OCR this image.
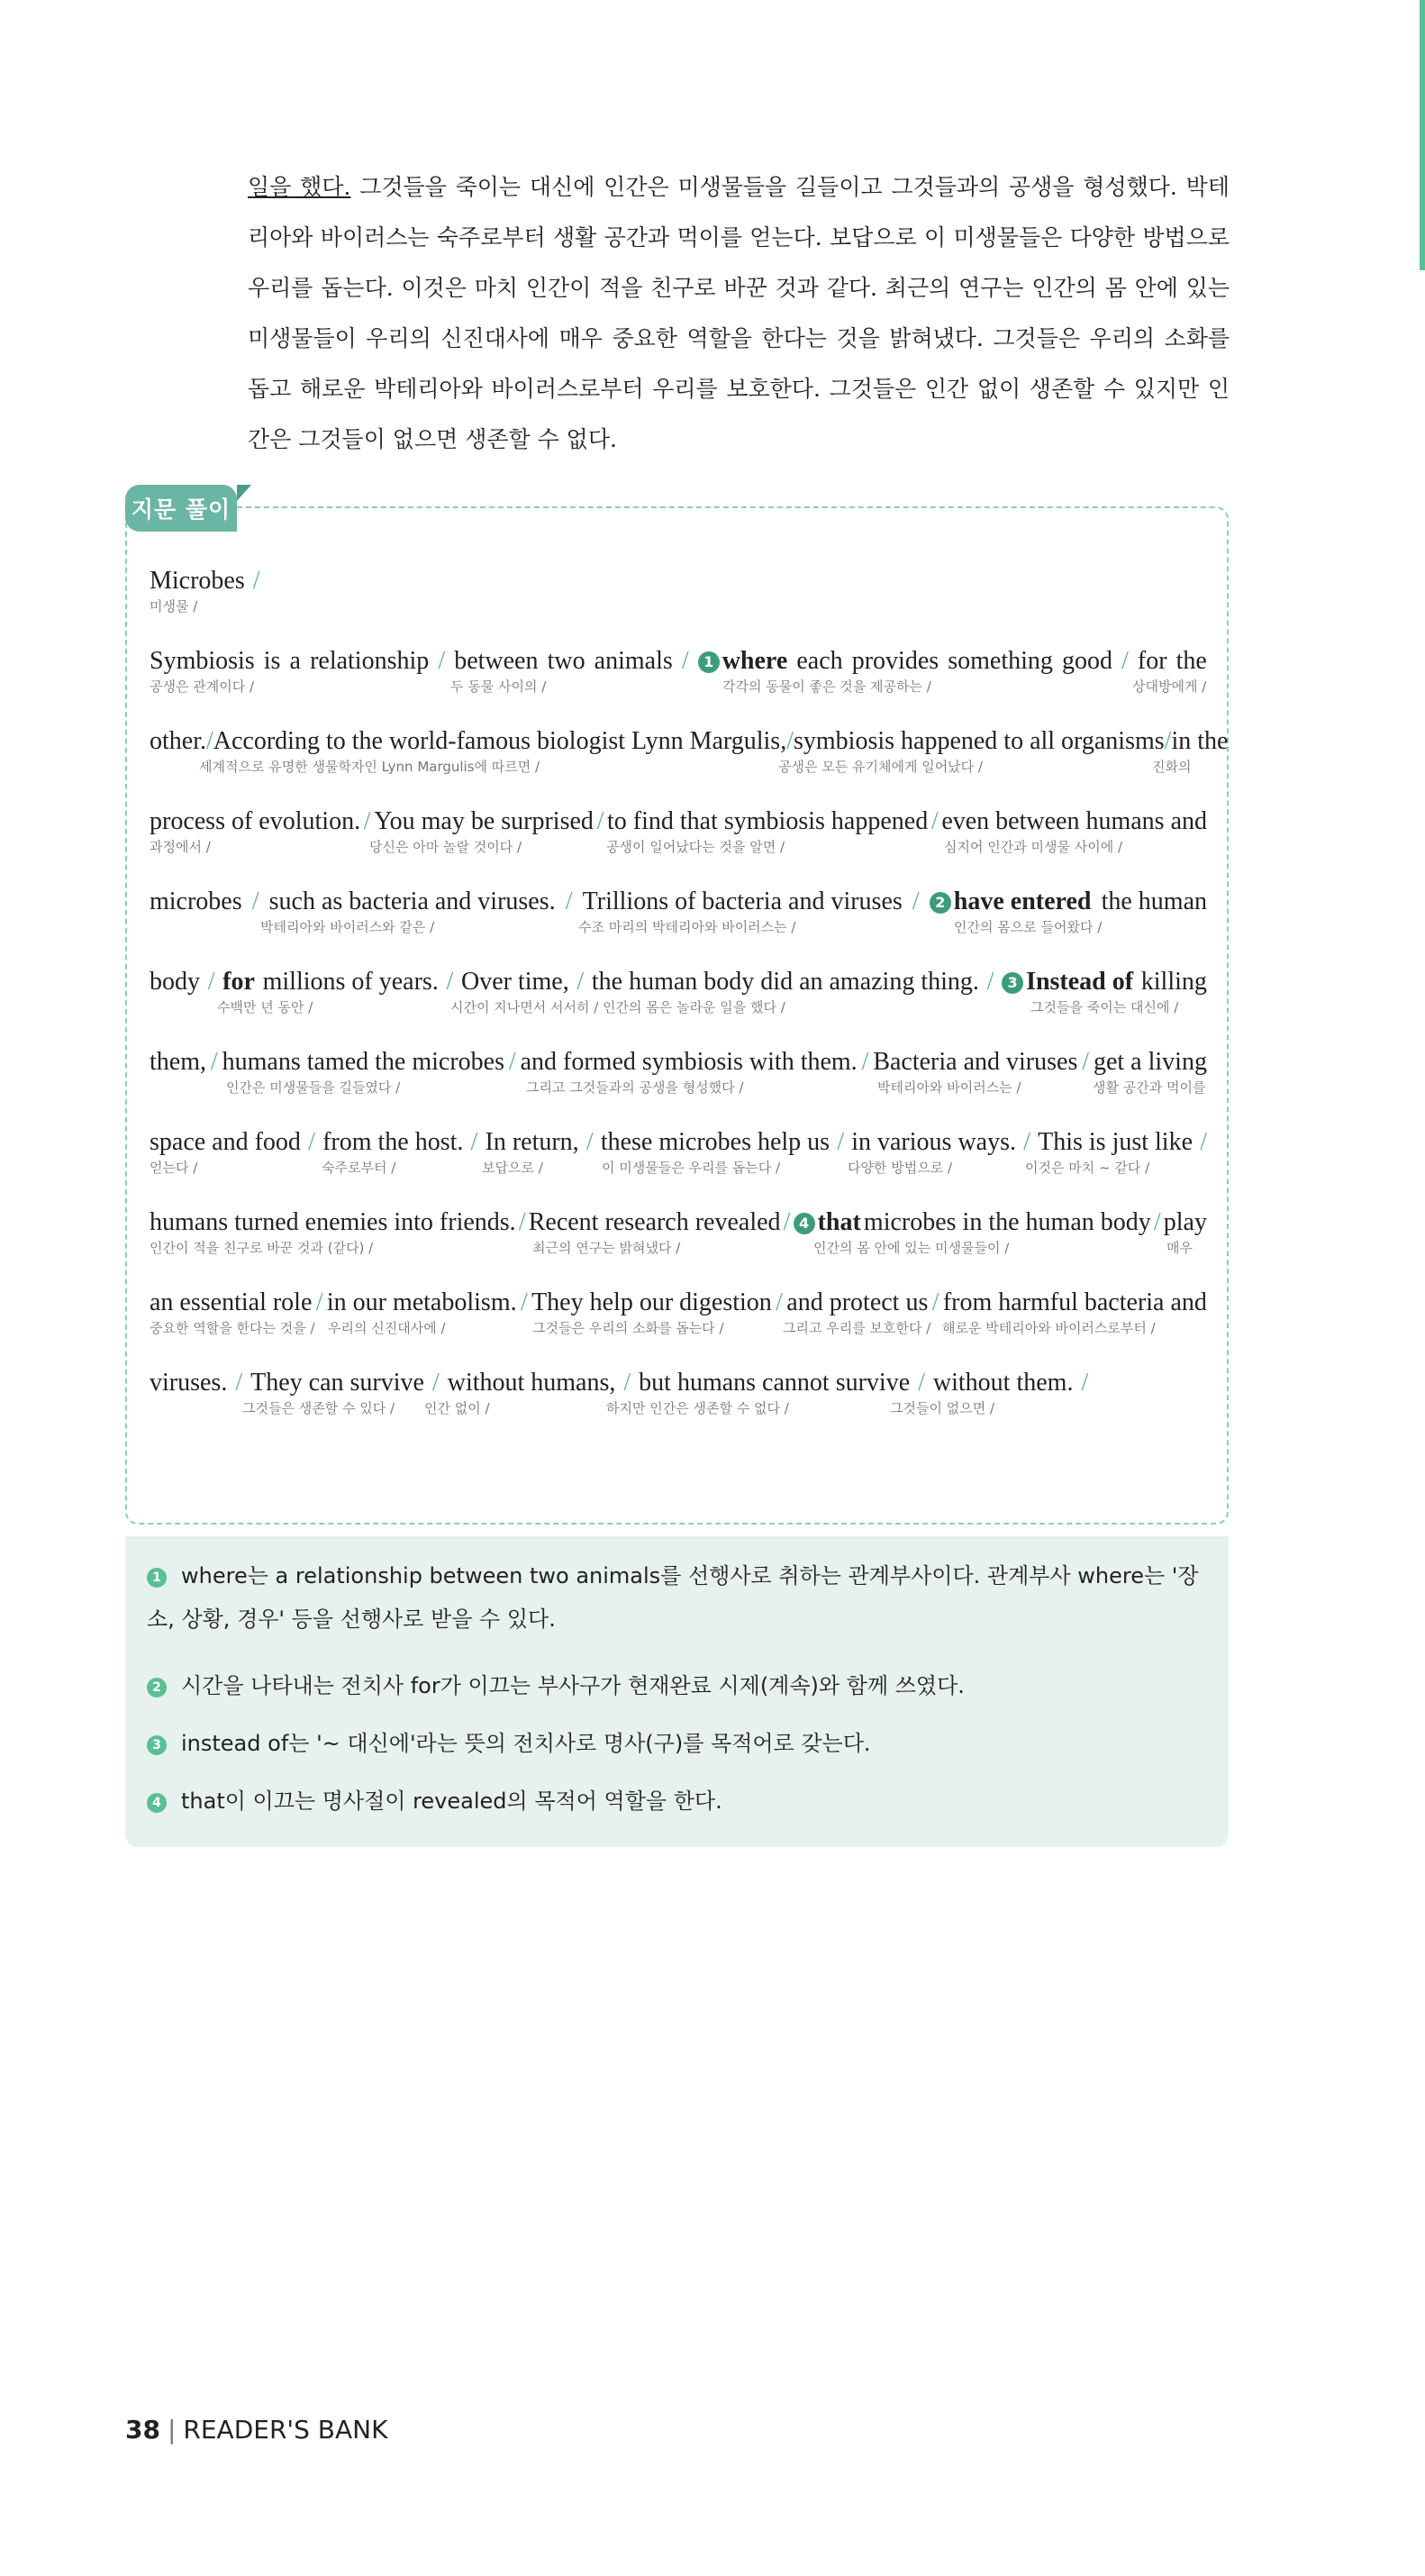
일을 했다. 그것들을 죽이는 대신에 인간은 미생물들을 길들이고 그것들과의 공생을 형성했다. 박테리아와 바이러스는 숙주로부터 생활 공간과 먹이를 얻는다. 보답으로 이 미생물들은 다양한 방법으로 우리를 돕는다. 이것은 마치 인간이 적을 친구로 바꾼 것과 같다. 최근의 연구는 인간의 몸 안에 있는 미생물들이 우리의 신진대사에 매우 중요한 역할을 한다는 것을 밝혀냈다. 그것들은 우리의 소화를 돕고 해로운 박테리아와 바이러스로부터 우리를 보호한다. 그것들은 인간 없이 생존할 수 있지만 인간은 그것들이 없으면 생존할 수 없다.
지문 풀이
Microbes /
미생물 /
Symbiosis is a relationship / between two animals /	1 where each provides something good / for the
공생은 관계이다 /	두 동물 사이의 /	각각의 동물이 좋은 것을 제공하는 /	상대방에게 /
other. / According to the world-famous biologist Lynn Margulis, / symbiosis happened to all organisms / in the
세계적으로 유명한 생물학자인 Lynn Margulis에 따르면 /	공생은 모든 유기체에게 일어났다 /	진화의
process of evolution. / You may be surprised / to find that symbiosis happened / even between humans and
과정에서 /	당신은 아마 놀랄 것이다 /	공생이 일어났다는 것을 알면 /	심지어 인간과 미생물 사이에 /
microbes / such as bacteria and viruses. / Trillions of bacteria and viruses /	2 have entered the human
박테리아와 바이러스와 같은 /	수조 마리의 박테리아와 바이러스는 /	인간의 몸으로 들어왔다 /
body / for millions of years. / Over time, / the human body did an amazing thing. / 3 Instead of killing
수백만 년 동안 /	시간이 지나면서 서서히 / 인간의 몸은 놀라운 일을 했다 /	그것들을 죽이는 대신에 /
them, / humans tamed the microbes / and formed symbiosis with them. / Bacteria and viruses / get a living
인간은 미생물들을 길들였다 /	그리고 그것들과의 공생을 형성했다 /	박테리아와 바이러스는 /	생활 공간과 먹이를
space and food / from the host. / In return, / these microbes help us / in various ways. / This is just like /
얻는다 /	숙주로부터 /	보답으로 /	이 미생물들은 우리를 돕는다 /	다양한 방법으로 /	이것은 마치 ~ 같다 /
humans turned enemies into friends. / Recent research revealed / 4 that microbes in the human body / play
인간이 적을 친구로 바꾼 것과 (같다) /	최근의 연구는 밝혀냈다 /	인간의 몸 안에 있는 미생물들이 /	매우
an essential role / in our metabolism. / They help our digestion / and protect us / from harmful bacteria and
중요한 역할을 한다는 것을 / 우리의 신진대사에 /	그것들은 우리의 소화를 돕는다 /	그리고 우리를 보호한다 / 해로운 박테리아와 바이러스로부터 /
viruses. / They can survive / without humans, / but humans cannot survive / without them. /
그것들은 생존할 수 있다 / 인간 없이 /	하지만 인간은 생존할 수 없다 /	그것들이 없으면 /
1 where는 a relationship between two animals를 선행사로 취하는 관계부사이다. 관계부사 where는 '장소, 상황, 경우' 등을 선행사로 받을 수 있다.
2 시간을 나타내는 전치사 for가 이끄는 부사구가 현재완료 시제(계속)와 함께 쓰였다.
3 instead of는 '~ 대신에'라는 뜻의 전치사로 명사(구)를 목적어로 갖는다.
4 that이 이끄는 명사절이 revealed의 목적어 역할을 한다.
38 | READER'S BANK
